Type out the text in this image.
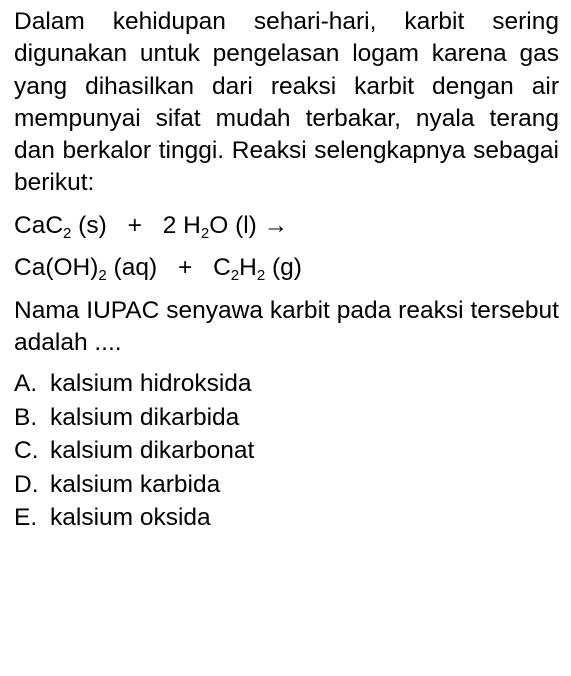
Dalam kehidupan sehari-hari, karbit sering digunakan untuk pengelasan logam karena gas yang dihasilkan dari reaksi karbit dengan air mempunyai sifat mudah terbakar, nyala terang dan berkalor tinggi. Reaksi selengkapnya sebagai berikut:

CaC$_2$ (s) + 2 $H_2O$ (l) →
$Ca(OH)_2$ $(aq) + C_2H_2$ (g)

Nama IUPAC senyawa karbit pada reaksi tersebut adalah ....

A. kalsium hidroksida
B. kalsium dikarbida
C. kalsium dikarbonat
D. kalsium karbida
E. kalsium oksida
